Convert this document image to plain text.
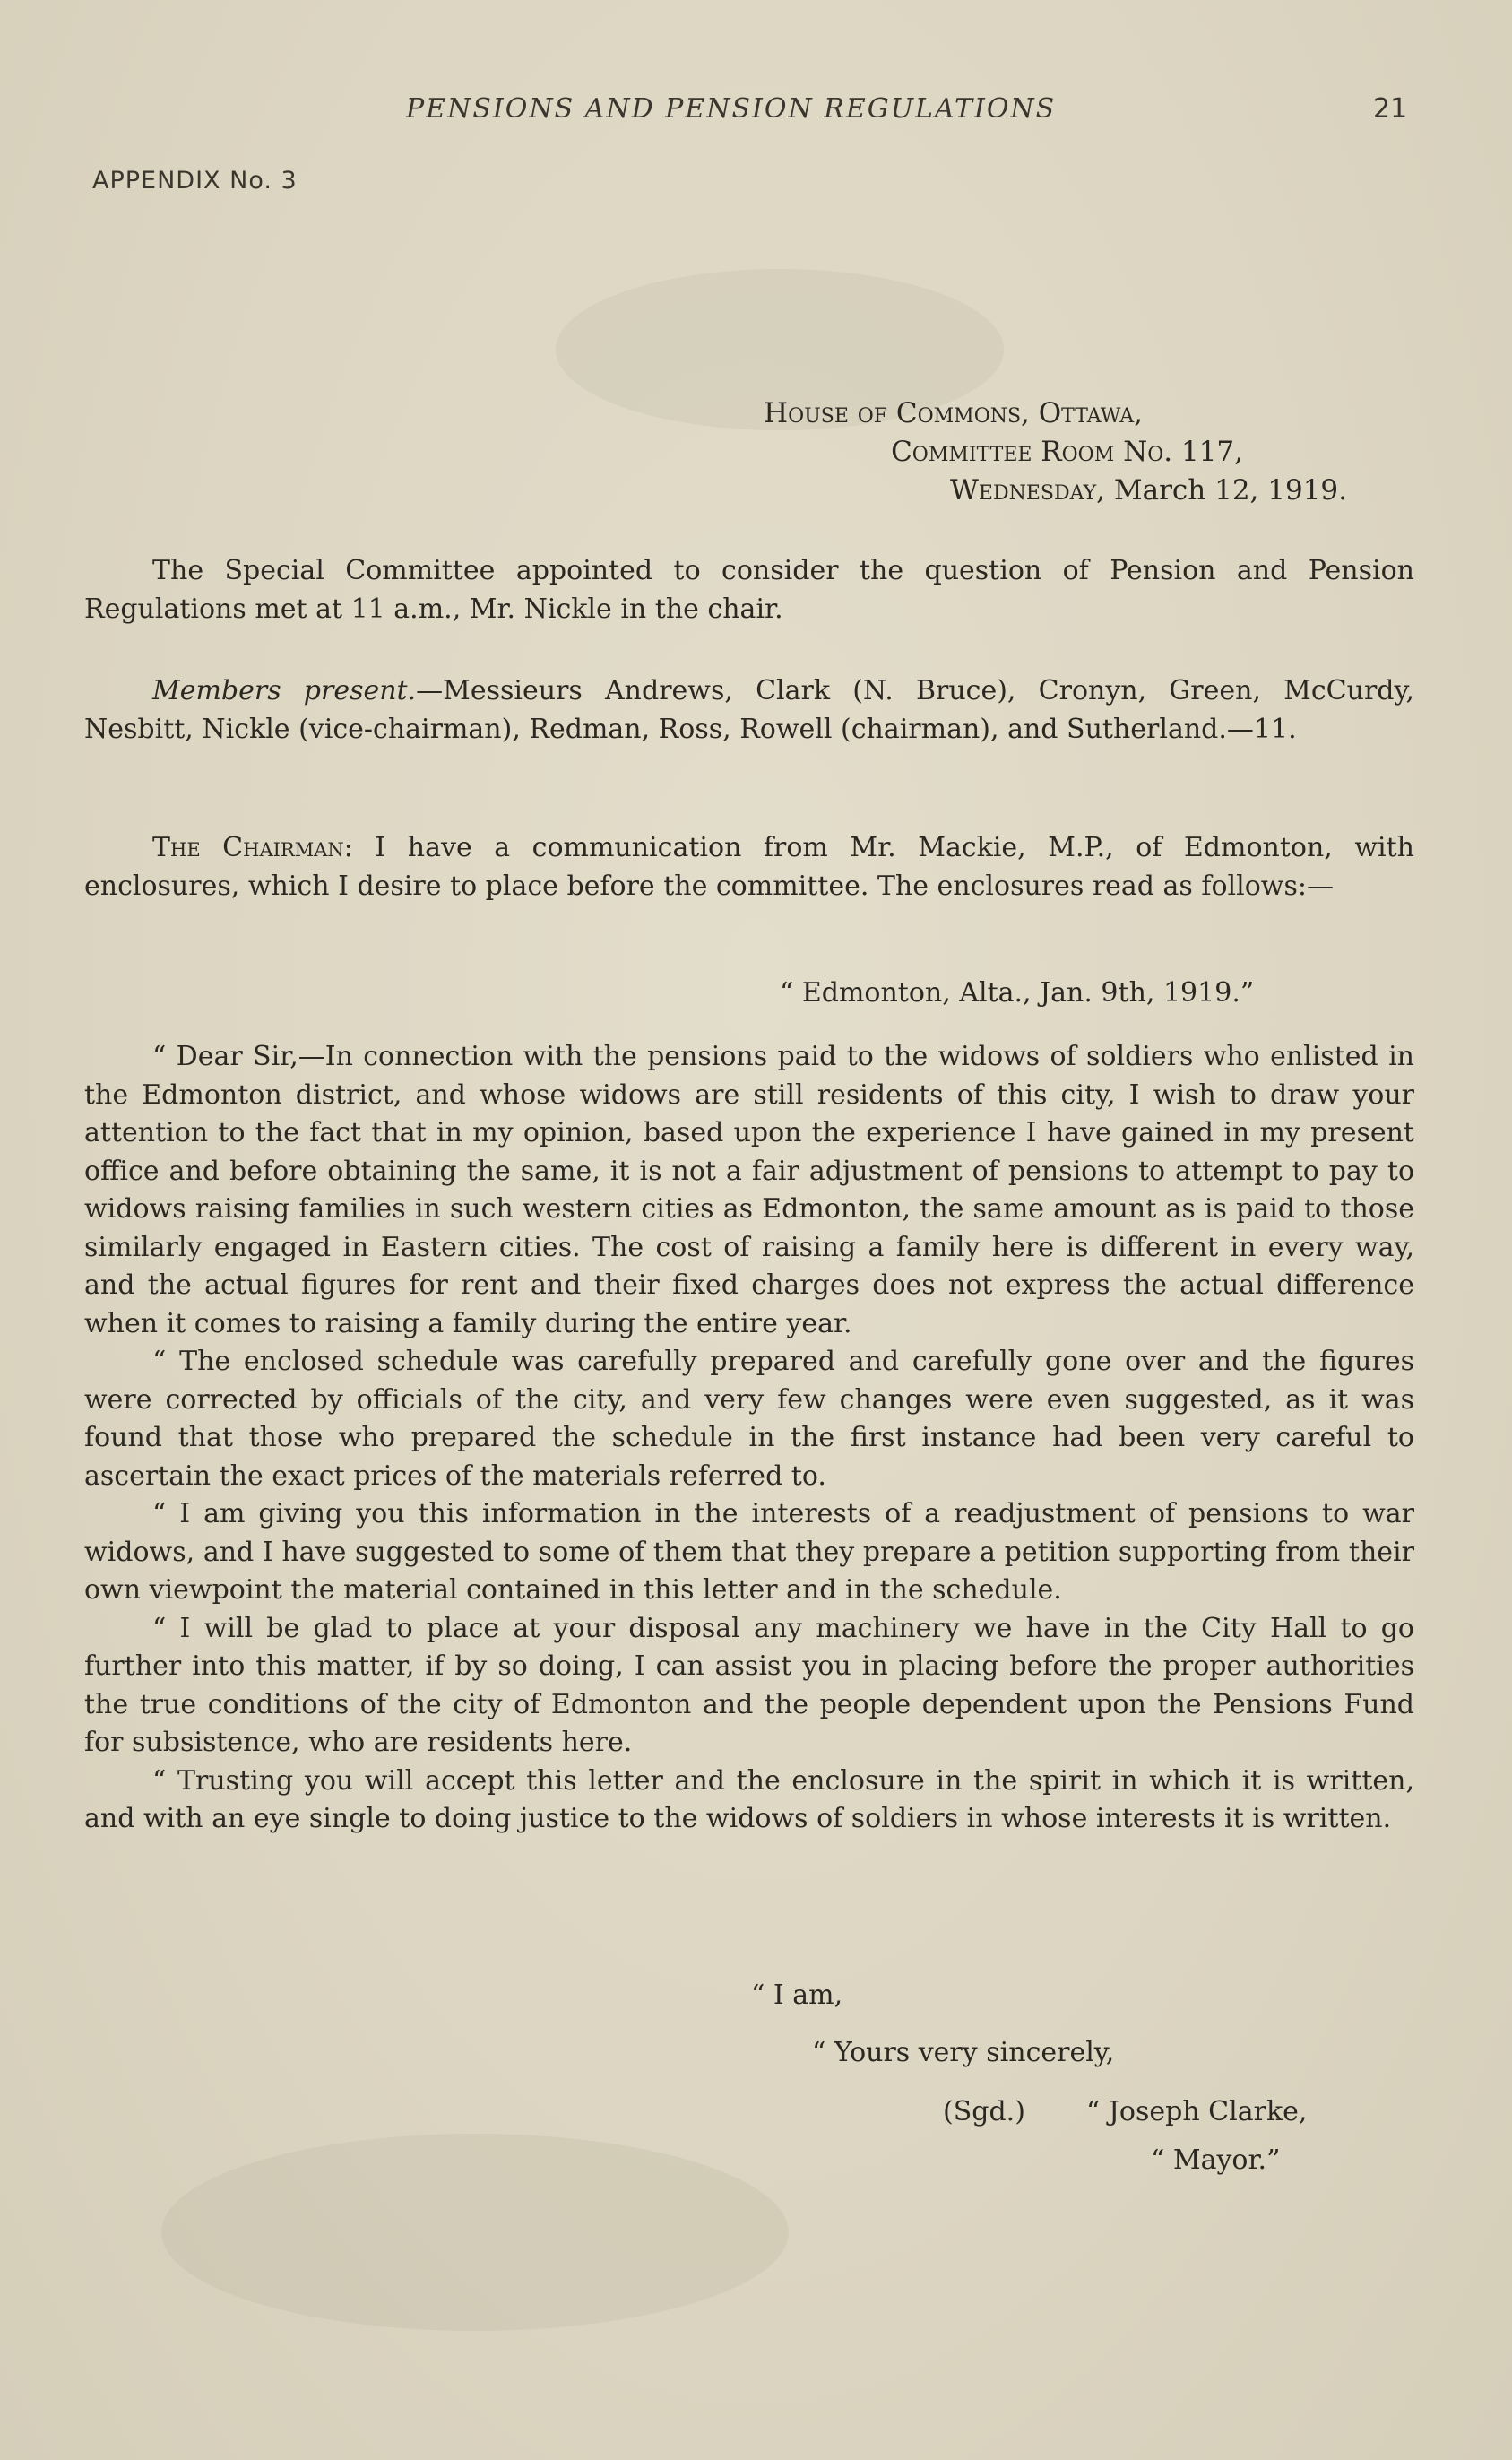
PENSIONS AND PENSION REGULATIONS	21
APPENDIX No. 3
House of Commons, Ottawa,
Committee Room No. 117,
Wednesday, March 12, 1919.

The Special Committee appointed to consider the question of Pension and Pension Regulations met at 11 a.m., Mr. Nickle in the chair.

Members present.—Messieurs Andrews, Clark (N. Bruce), Cronyn, Green, McCurdy, Nesbitt, Nickle (vice-chairman), Redman, Ross, Rowell (chairman), and Sutherland.—11.

The Chairman: I have a communication from Mr. Mackie, M.P., of Edmonton, with enclosures, which I desire to place before the committee. The enclosures read as follows:—

“ Edmonton, Alta., Jan. 9th, 1919.”

“ Dear Sir,—In connection with the pensions paid to the widows of soldiers who enlisted in the Edmonton district, and whose widows are still residents of this city, I wish to draw your attention to the fact that in my opinion, based upon the experience I have gained in my present office and before obtaining the same, it is not a fair adjustment of pensions to attempt to pay to widows raising families in such western cities as Edmonton, the same amount as is paid to those similarly engaged in Eastern cities. The cost of raising a family here is different in every way, and the actual figures for rent and their fixed charges does not express the actual difference when it comes to raising a family during the entire year.

“ The enclosed schedule was carefully prepared and carefully gone over and the figures were corrected by officials of the city, and very few changes were even suggested, as it was found that those who prepared the schedule in the first instance had been very careful to ascertain the exact prices of the materials referred to.

“ I am giving you this information in the interests of a readjustment of pensions to war widows, and I have suggested to some of them that they prepare a petition supporting from their own viewpoint the material contained in this letter and in the schedule.

“ I will be glad to place at your disposal any machinery we have in the City Hall to go further into this matter, if by so doing, I can assist you in placing before the proper authorities the true conditions of the city of Edmonton and the people dependent upon the Pensions Fund for subsistence, who are residents here.

“ Trusting you will accept this letter and the enclosure in the spirit in which it is written, and with an eye single to doing justice to the widows of soldiers in whose interests it is written.

“ I am,
“ Yours very sincerely,
(Sgd.) “ Joseph Clarke,
“ Mayor.”
